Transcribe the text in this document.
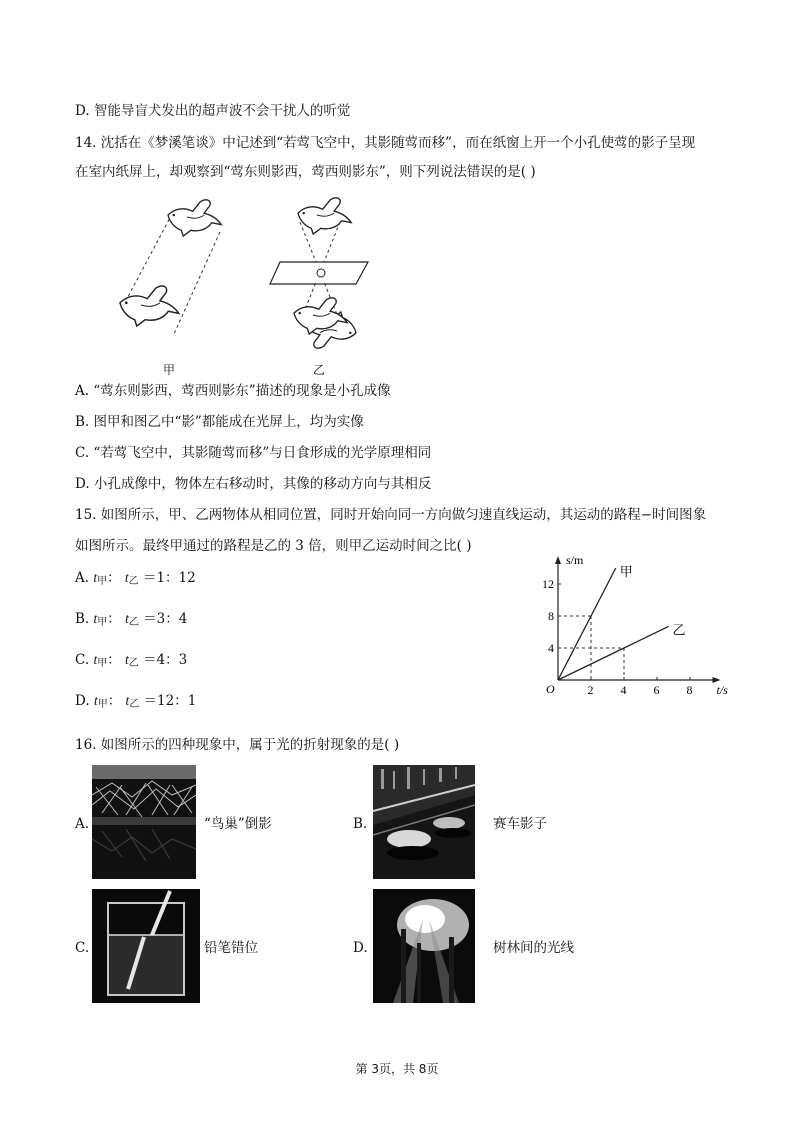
D. 智能导盲犬发出的超声波不会干扰人的听觉
14. 沈括在《梦溪笔谈》中记述到“若莺飞空中，其影随莺而移”，而在纸窗上开一个小孔使莺的影子呈现
在室内纸屏上，却观察到“莺东则影西，莺西则影东”，则下列说法错误的是( )
甲	乙
A. “莺东则影西，莺西则影东”描述的现象是小孔成像
B. 图甲和图乙中“影”都能成在光屏上，均为实像
C. “若莺飞空中，其影随莺而移”与日食形成的光学原理相同
D. 小孔成像中，物体左右移动时，其像的移动方向与其相反
15. 如图所示，甲、乙两物体从相同位置，同时开始向同一方向做匀速直线运动，其运动的路程−时间图象
如图所示。最终甲通过的路程是乙的 3 倍，则甲乙运动时间之比( )
A. t甲： t乙 ＝1：12
B. t甲： t乙 ＝3：4
C. t甲： t乙 ＝4：3
D. t甲： t乙 ＝12：1
s/m
t/s
O	2 4 6 8
4
8
12
甲
乙
16. 如图所示的四种现象中，属于光的折射现象的是( )
A.	“鸟巢”倒影	B.	赛车影子
C.	铅笔错位	D.	树林间的光线
第 3页，共 8页
